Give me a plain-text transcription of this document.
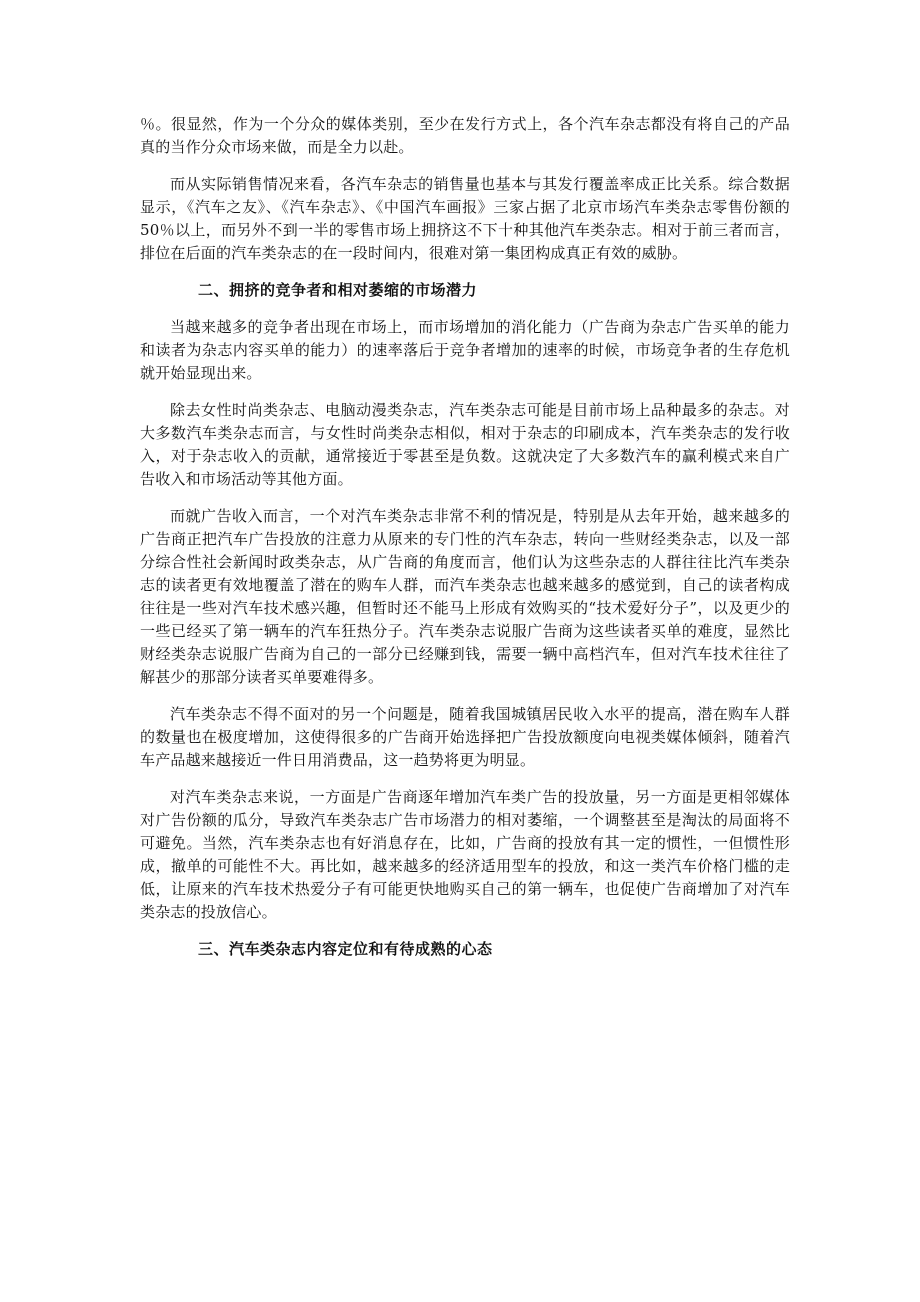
％。很显然，作为一个分众的媒体类别，至少在发行方式上，各个汽车杂志都没有将自己的产品真的当作分众市场来做，而是全力以赴。

而从实际销售情况来看，各汽车杂志的销售量也基本与其发行覆盖率成正比关系。综合数据显示，《汽车之友》、《汽车杂志》、《中国汽车画报》三家占据了北京市场汽车类杂志零售份额的50％以上，而另外不到一半的零售市场上拥挤这不下十种其他汽车类杂志。相对于前三者而言，排位在后面的汽车类杂志的在一段时间内，很难对第一集团构成真正有效的威胁。

二、拥挤的竞争者和相对萎缩的市场潜力

当越来越多的竞争者出现在市场上，而市场增加的消化能力（广告商为杂志广告买单的能力和读者为杂志内容买单的能力）的速率落后于竞争者增加的速率的时候，市场竞争者的生存危机就开始显现出来。

除去女性时尚类杂志、电脑动漫类杂志，汽车类杂志可能是目前市场上品种最多的杂志。对大多数汽车类杂志而言，与女性时尚类杂志相似，相对于杂志的印刷成本，汽车类杂志的发行收入，对于杂志收入的贡献，通常接近于零甚至是负数。这就决定了大多数汽车的赢利模式来自广告收入和市场活动等其他方面。

而就广告收入而言，一个对汽车类杂志非常不利的情况是，特别是从去年开始，越来越多的广告商正把汽车广告投放的注意力从原来的专门性的汽车杂志，转向一些财经类杂志，以及一部分综合性社会新闻时政类杂志，从广告商的角度而言，他们认为这些杂志的人群往往比汽车类杂志的读者更有效地覆盖了潜在的购车人群，而汽车类杂志也越来越多的感觉到，自己的读者构成往往是一些对汽车技术感兴趣，但暂时还不能马上形成有效购买的“技术爱好分子”，以及更少的一些已经买了第一辆车的汽车狂热分子。汽车类杂志说服广告商为这些读者买单的难度，显然比财经类杂志说服广告商为自己的一部分已经赚到钱，需要一辆中高档汽车，但对汽车技术往往了解甚少的那部分读者买单要难得多。

汽车类杂志不得不面对的另一个问题是，随着我国城镇居民收入水平的提高，潜在购车人群的数量也在极度增加，这使得很多的广告商开始选择把广告投放额度向电视类媒体倾斜，随着汽车产品越来越接近一件日用消费品，这一趋势将更为明显。

对汽车类杂志来说，一方面是广告商逐年增加汽车类广告的投放量，另一方面是更相邻媒体对广告份额的瓜分，导致汽车类杂志广告市场潜力的相对萎缩，一个调整甚至是淘汰的局面将不可避免。当然，汽车类杂志也有好消息存在，比如，广告商的投放有其一定的惯性，一但惯性形成，撤单的可能性不大。再比如，越来越多的经济适用型车的投放，和这一类汽车价格门槛的走低，让原来的汽车技术热爱分子有可能更快地购买自己的第一辆车，也促使广告商增加了对汽车类杂志的投放信心。

三、汽车类杂志内容定位和有待成熟的心态
